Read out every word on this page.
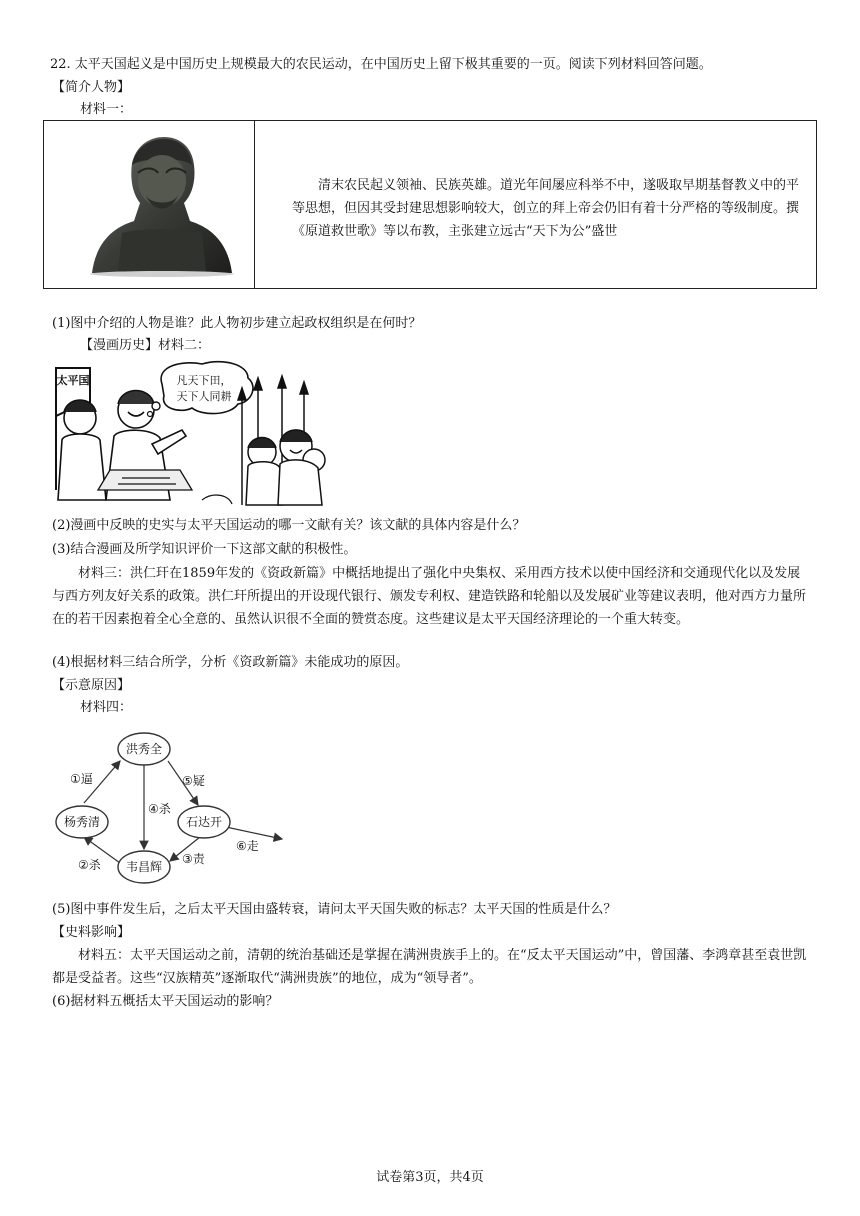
22. 太平天国起义是中国历史上规模最大的农民运动，在中国历史上留下极其重要的一页。阅读下列材料回答问题。
【简介人物】
材料一：
清末农民起义领袖、民族英雄。道光年间屡应科举不中，遂吸取早期基督教义中的平等思想，但因其受封建思想影响较大，创立的拜上帝会仍旧有着十分严格的等级制度。撰《原道救世歌》等以布教，主张建立远古“天下为公”盛世
(1)图中介绍的人物是谁？此人物初步建立起政权组织是在何时？
【漫画历史】材料二：
太平国	凡天下田，
天下人同耕
(2)漫画中反映的史实与太平天国运动的哪一文献有关？该文献的具体内容是什么？
(3)结合漫画及所学知识评价一下这部文献的积极性。
材料三：洪仁玕在1859年发的《资政新篇》中概括地提出了强化中央集权、采用西方技术以使中国经济和交通现代化以及发展与西方列友好关系的政策。洪仁玕所提出的开设现代银行、颁发专利权、建造铁路和轮船以及发展矿业等建议表明，他对西方力量所在的若干因素抱着全心全意的、虽然认识很不全面的赞赏态度。这些建议是太平天国经济理论的一个重大转变。
(4)根据材料三结合所学，分析《资政新篇》未能成功的原因。
【示意原因】
材料四：
洪秀全
杨秀清	石达开
韦昌辉
①逼
②杀	③责
④杀
⑤疑
⑥走
(5)图中事件发生后，之后太平天国由盛转衰，请问太平天国失败的标志？太平天国的性质是什么？
【史料影响】
材料五：太平天国运动之前，清朝的统治基础还是掌握在满洲贵族手上的。在“反太平天国运动”中，曾国藩、李鸿章甚至袁世凯都是受益者。这些“汉族精英”逐渐取代“满洲贵族”的地位，成为“领导者”。
(6)据材料五概括太平天国运动的影响？
试卷第3页，共4页
